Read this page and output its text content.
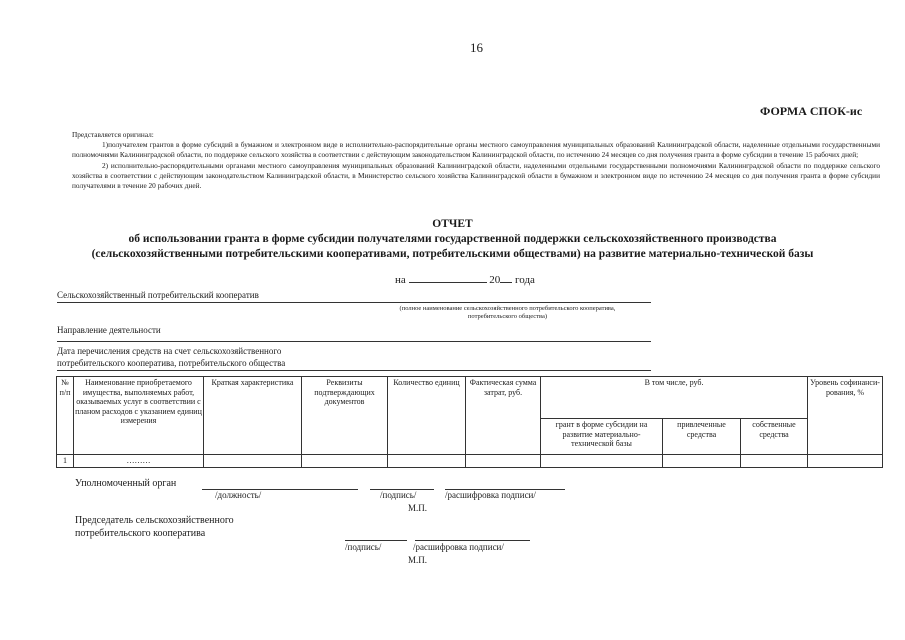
16
ФОРМА СПОК-ис

Представляется оригинал:

1)получателем грантов в форме субсидий в бумажном и электронном виде в исполнительно-распорядительные органы местного самоуправления муниципальных образований Калининградской области, наделенные отдельными государственными полномочиями Калининградской области, по поддержке сельского хозяйства в соответствии с действующим законодательством Калининградской области, по истечению 24 месяцев со дня получения гранта в форме субсидии в течение 15 рабочих дней;

2) исполнительно-распорядительными органами местного самоуправления муниципальных образований Калининградской области, наделенными отдельными государственными полномочиями Калининградской области по поддержке сельского хозяйства в соответствии с действующим законодательством Калининградской области, в Министерство сельского хозяйства Калининградской области в бумажном и электронном виде по истечению 24 месяцев со дня получения гранта в форме субсидии получателями в течение 20 рабочих дней.

ОТЧЕТ
об использовании гранта в форме субсидии получателями государственной поддержки сельскохозяйственного производства
(сельскохозяйственными потребительскими кооперативами, потребительскими обществами) на развитие материально-технической базы
на	20 года
Сельскохозяйственный потребительский кооператив
(полное наименование сельскохозяйственного потребительского кооператива, потребительского общества)
Направление деятельности
Дата перечисления средств на счет сельскохозяйственного
потребительского кооператива, потребительского общества
№ п/п	Наименование приобретаемого имущества, выполняемых работ, оказываемых услуг в соответствии с планом расходов с указанием единиц измерения	Краткая характеристика	Реквизиты подтверждающих документов	Количество единиц	Фактическая сумма затрат, руб.	В том числе, руб.			Уровень софинанси-рования, %
						грант в форме субсидии на развитие материально-технической базы	привлеченные средства	собственные средства	
1	………								
Уполномоченный орган
/должность/	/подпись/	/расшифровка подписи/
М.П.
Председатель сельскохозяйственного
потребительского кооператива
/подпись/	/расшифровка подписи/
М.П.
